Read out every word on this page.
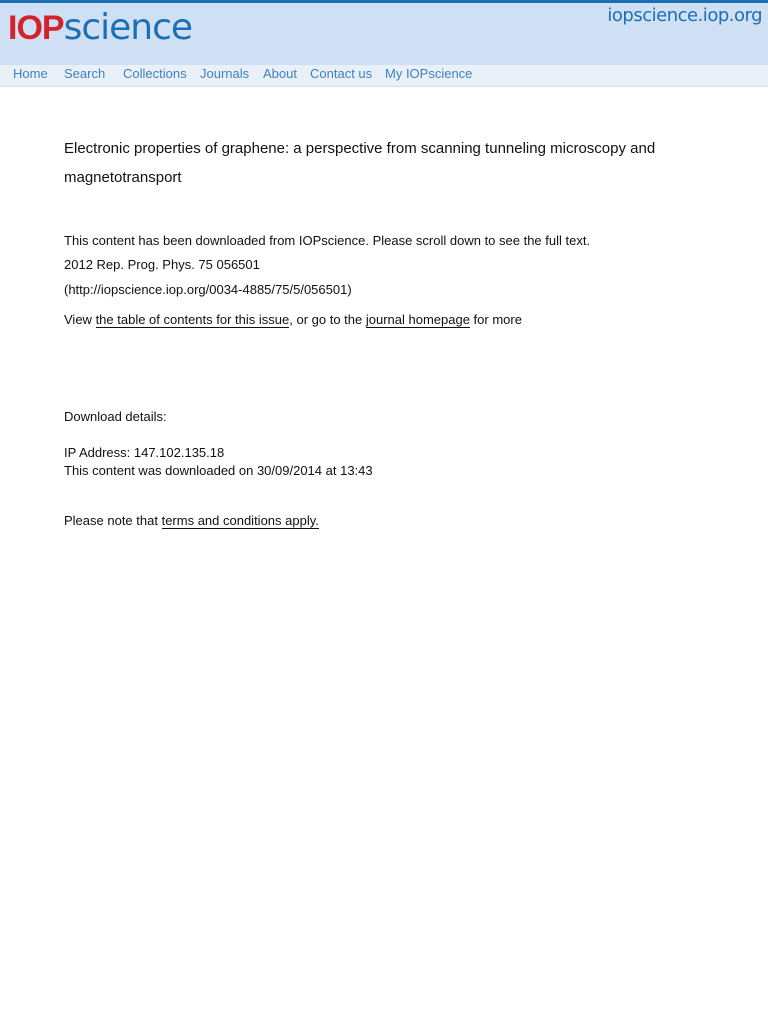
IOP science	iopscience.iop.org
Home Search Collections Journals About Contact us My IOPscience
Electronic properties of graphene: a perspective from scanning tunneling microscopy and magnetotransport
This content has been downloaded from IOPscience. Please scroll down to see the full text.
2012 Rep. Prog. Phys. 75 056501
(http://iopscience.iop.org/0034-4885/75/5/056501)
View the table of contents for this issue, or go to the journal homepage for more
Download details:
IP Address: 147.102.135.18
This content was downloaded on 30/09/2014 at 13:43
Please note that terms and conditions apply.
